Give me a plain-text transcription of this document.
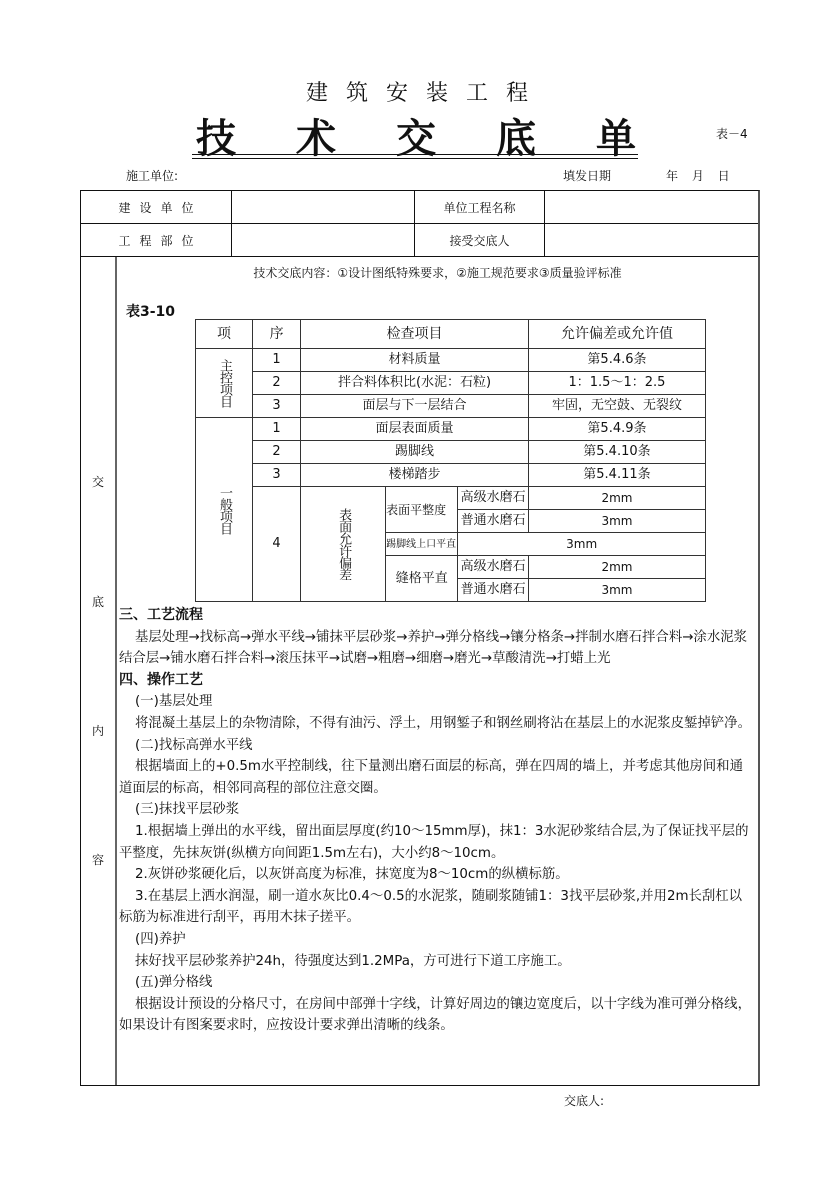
建筑安装工程
技 术 交 底 单	表－4
施工单位:	填发日期	年 月 日
建设单位	单位工程名称
工程部位	接受交底人
交
底
内
容
技术交底内容：①设计图纸特殊要求，②施工规范要求③质量验评标准
表3-10
项	序	检查项目			允许偏差或允许值
主控项目	1	材料质量			第5.4.6条
	2	拌合料体积比(水泥：石粒)			1：1.5～1：2.5
	3	面层与下一层结合			牢固，无空鼓、无裂纹
一般项目	1	面层表面质量			第5.4.9条
	2	踢脚线			第5.4.10条
	3	楼梯踏步			第5.4.11条
	4	表面允许偏差	表面平整度	高级水磨石	2mm
				普通水磨石	3mm
			踢脚线上口平直	3mm	
			缝格平直	高级水磨石	2mm
				普通水磨石	3mm

三、工艺流程

基层处理→找标高→弹水平线→铺抹平层砂浆→养护→弹分格线→镶分格条→拌制水磨石拌合料→涂水泥浆结合层→铺水磨石拌合料→滚压抹平→试磨→粗磨→细磨→磨光→草酸清洗→打蜡上光

四、操作工艺

(一)基层处理

将混凝土基层上的杂物清除，不得有油污、浮土，用钢錾子和钢丝刷将沾在基层上的水泥浆皮錾掉铲净。

(二)找标高弹水平线

根据墙面上的+0.5m水平控制线，往下量测出磨石面层的标高，弹在四周的墙上，并考虑其他房间和通道面层的标高，相邻同高程的部位注意交圈。

(三)抹找平层砂浆

1.根据墙上弹出的水平线，留出面层厚度(约10～15mm厚)，抹1：3水泥砂浆结合层,为了保证找平层的平整度，先抹灰饼(纵横方向间距1.5m左右)，大小约8～10cm。

2.灰饼砂浆硬化后，以灰饼高度为标准，抹宽度为8～10cm的纵横标筋。

3.在基层上洒水润湿，刷一道水灰比0.4～0.5的水泥浆，随刷浆随铺1：3找平层砂浆,并用2m长刮杠以标筋为标准进行刮平，再用木抹子搓平。

(四)养护

抹好找平层砂浆养护24h，待强度达到1.2MPa，方可进行下道工序施工。

(五)弹分格线

根据设计预设的分格尺寸，在房间中部弹十字线，计算好周边的镶边宽度后，以十字线为准可弹分格线，如果设计有图案要求时，应按设计要求弹出清晰的线条。

交底人:
